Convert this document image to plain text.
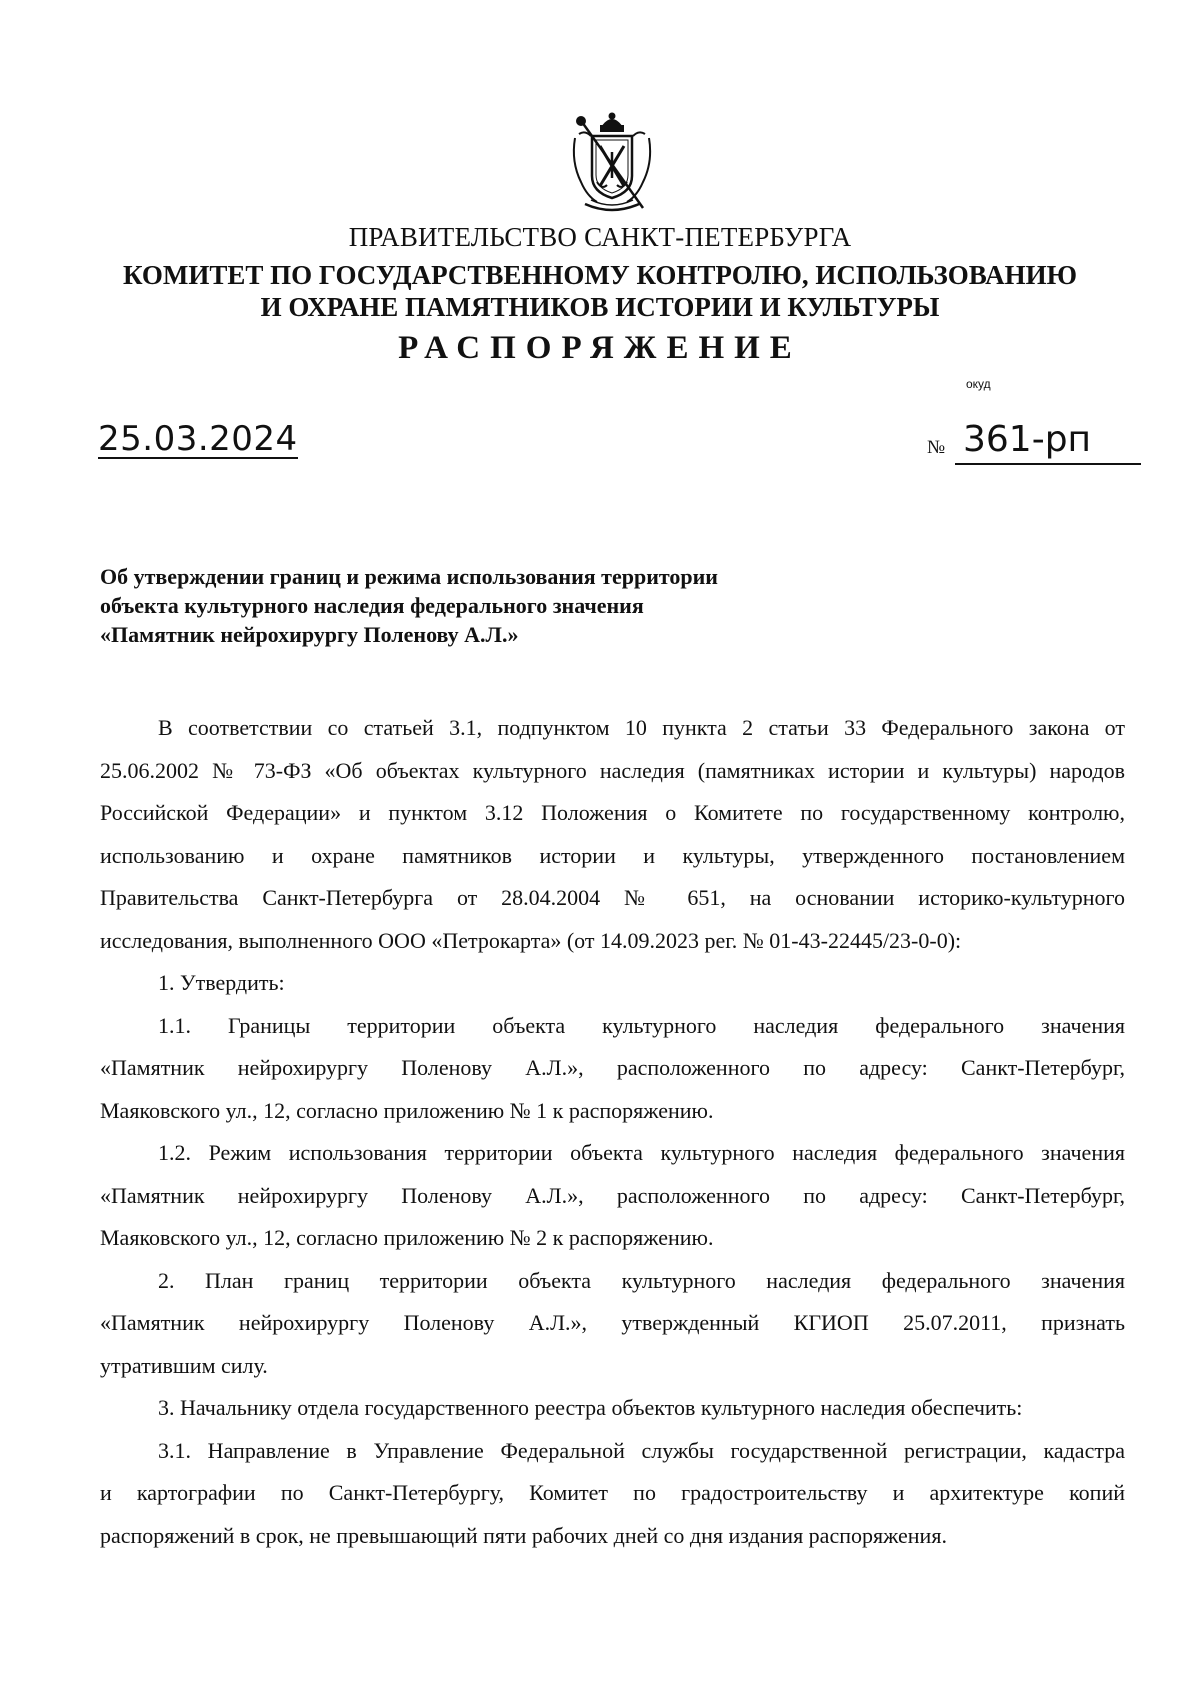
ПРАВИТЕЛЬСТВО САНКТ-ПЕТЕРБУРГА
КОМИТЕТ ПО ГОСУДАРСТВЕННОМУ КОНТРОЛЮ, ИСПОЛЬЗОВАНИЮ
И ОХРАНЕ ПАМЯТНИКОВ ИСТОРИИ И КУЛЬТУРЫ
РАСПОРЯЖЕНИЕ
окуд
25.03.2024	№ 361-рп
Об утверждении границ и режима использования территории
объекта культурного наследия федерального значения
«Памятник нейрохирургу Поленову А.Л.»

В соответствии со статьей 3.1, подпунктом 10 пункта 2 статьи 33 Федерального закона от

25.06.2002 № 73-ФЗ «Об объектах культурного наследия (памятниках истории и культуры) народов

Российской Федерации» и пунктом 3.12 Положения о Комитете по государственному контролю,

использованию и охране памятников истории и культуры, утвержденного постановлением

Правительства Санкт-Петербурга от 28.04.2004 № 651, на основании историко-культурного

исследования, выполненного ООО «Петрокарта» (от 14.09.2023 рег. № 01-43-22445/23-0-0):

1. Утвердить:

1.1. Границы территории объекта культурного наследия федерального значения

«Памятник нейрохирургу Поленову А.Л.», расположенного по адресу: Санкт-Петербург,

Маяковского ул., 12, согласно приложению № 1 к распоряжению.

1.2. Режим использования территории объекта культурного наследия федерального значения

«Памятник нейрохирургу Поленову А.Л.», расположенного по адресу: Санкт-Петербург,

Маяковского ул., 12, согласно приложению № 2 к распоряжению.

2. План границ территории объекта культурного наследия федерального значения

«Памятник нейрохирургу Поленову А.Л.», утвержденный КГИОП 25.07.2011, признать

утратившим силу.

3. Начальнику отдела государственного реестра объектов культурного наследия обеспечить:

3.1. Направление в Управление Федеральной службы государственной регистрации, кадастра

и картографии по Санкт-Петербургу, Комитет по градостроительству и архитектуре копий

распоряжений в срок, не превышающий пяти рабочих дней со дня издания распоряжения.
